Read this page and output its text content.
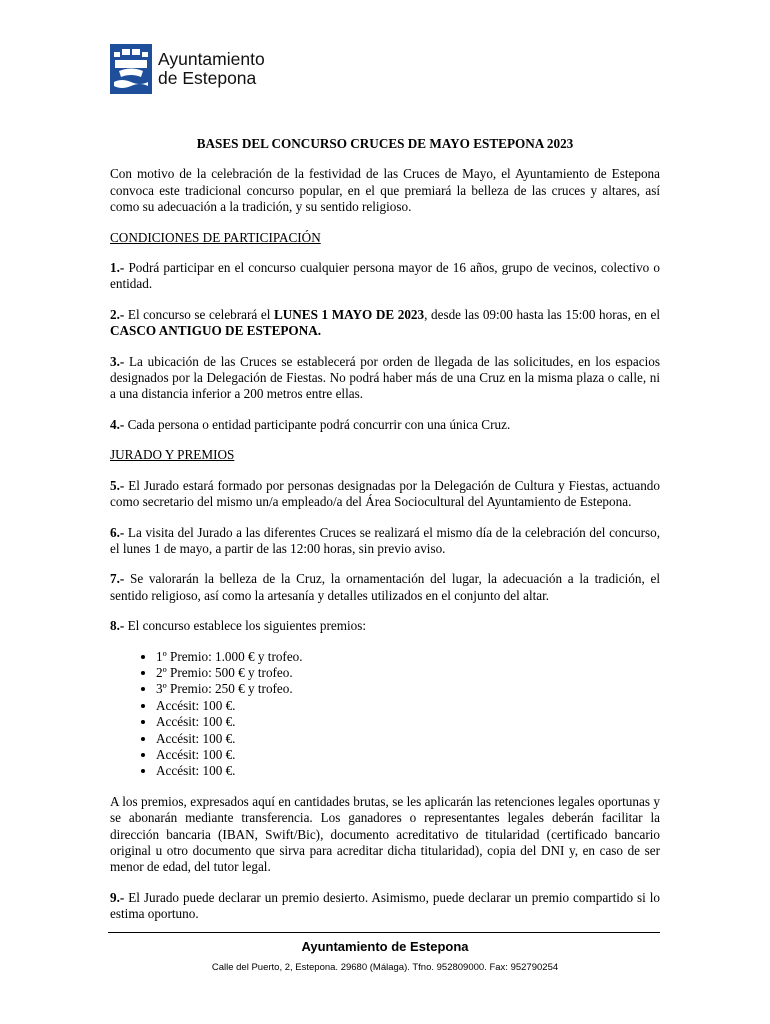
Ayuntamiento
de Estepona
BASES DEL CONCURSO CRUCES DE MAYO ESTEPONA 2023

Con motivo de la celebración de la festividad de las Cruces de Mayo, el Ayuntamiento de Estepona convoca este tradicional concurso popular, en el que premiará la belleza de las cruces y altares, así como su adecuación a la tradición, y su sentido religioso.

CONDICIONES DE PARTICIPACIÓN

1.- Podrá participar en el concurso cualquier persona mayor de 16 años, grupo de vecinos, colectivo o entidad.

2.- El concurso se celebrará el LUNES 1 MAYO DE 2023, desde las 09:00 hasta las 15:00 horas, en el CASCO ANTIGUO DE ESTEPONA.

3.- La ubicación de las Cruces se establecerá por orden de llegada de las solicitudes, en los espacios designados por la Delegación de Fiestas. No podrá haber más de una Cruz en la misma plaza o calle, ni a una distancia inferior a 200 metros entre ellas.

4.- Cada persona o entidad participante podrá concurrir con una única Cruz.

JURADO Y PREMIOS

5.- El Jurado estará formado por personas designadas por la Delegación de Cultura y Fiestas, actuando como secretario del mismo un/a empleado/a del Área Sociocultural del Ayuntamiento de Estepona.

6.- La visita del Jurado a las diferentes Cruces se realizará el mismo día de la celebración del concurso, el lunes 1 de mayo, a partir de las 12:00 horas, sin previo aviso.

7.- Se valorarán la belleza de la Cruz, la ornamentación del lugar, la adecuación a la tradición, el sentido religioso, así como la artesanía y detalles utilizados en el conjunto del altar.

8.- El concurso establece los siguientes premios:

• 1º Premio: 1.000 € y trofeo.
• 2º Premio: 500 € y trofeo.
• 3º Premio: 250 € y trofeo.
• Accésit: 100 €.
• Accésit: 100 €.
• Accésit: 100 €.
• Accésit: 100 €.
• Accésit: 100 €.

A los premios, expresados aquí en cantidades brutas, se les aplicarán las retenciones legales oportunas y se abonarán mediante transferencia. Los ganadores o representantes legales deberán facilitar la dirección bancaria (IBAN, Swift/Bic), documento acreditativo de titularidad (certificado bancario original u otro documento que sirva para acreditar dicha titularidad), copia del DNI y, en caso de ser menor de edad, del tutor legal.

9.- El Jurado puede declarar un premio desierto. Asimismo, puede declarar un premio compartido si lo estima oportuno.

Ayuntamiento de Estepona
Calle del Puerto, 2, Estepona. 29680 (Málaga). Tfno. 952809000. Fax: 952790254
